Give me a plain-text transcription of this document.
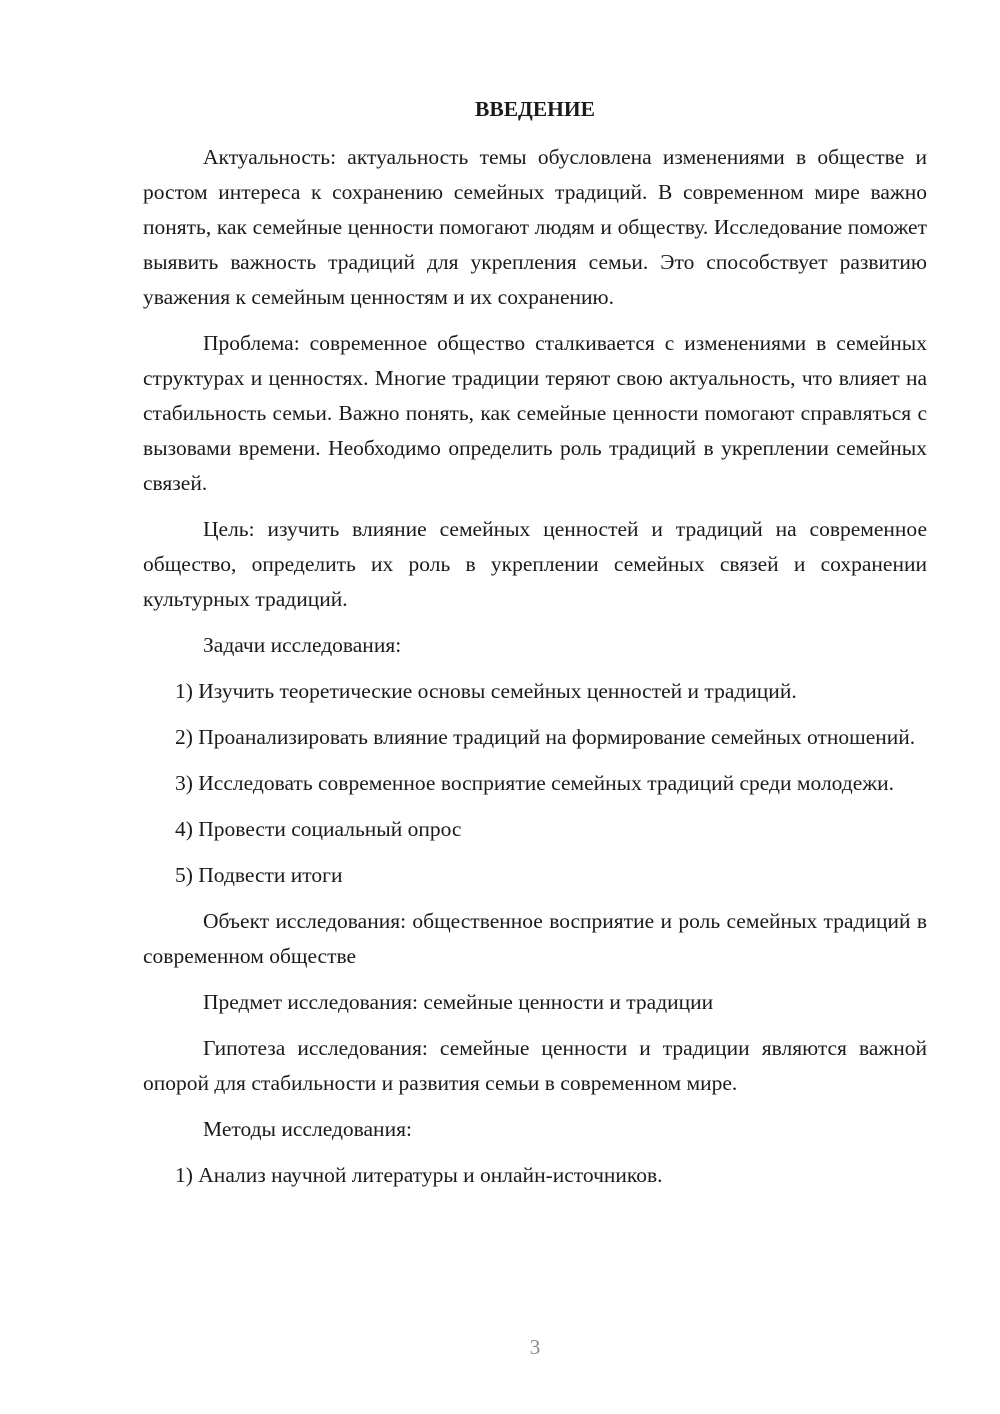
ВВЕДЕНИЕ

Актуальность: актуальность темы обусловлена изменениями в обществе и ростом интереса к сохранению семейных традиций. В современном мире важно понять, как семейные ценности помогают людям и обществу. Исследование поможет выявить важность традиций для укрепления семьи. Это способствует развитию уважения к семейным ценностям и их сохранению.

Проблема: современное общество сталкивается с изменениями в семейных структурах и ценностях. Многие традиции теряют свою актуальность, что влияет на стабильность семьи. Важно понять, как семейные ценности помогают справляться с вызовами времени. Необходимо определить роль традиций в укреплении семейных связей.

Цель: изучить влияние семейных ценностей и традиций на современное общество, определить их роль в укреплении семейных связей и сохранении культурных традиций.

Задачи исследования:

1) Изучить теоретические основы семейных ценностей и традиций.

2) Проанализировать влияние традиций на формирование семейных отношений.

3) Исследовать современное восприятие семейных традиций среди молодежи.

4) Провести социальный опрос

5) Подвести итоги

Объект исследования: общественное восприятие и роль семейных традиций в современном обществе

Предмет исследования: семейные ценности и традиции

Гипотеза исследования: семейные ценности и традиции являются важной опорой для стабильности и развития семьи в современном мире.

Методы исследования:

1) Анализ научной литературы и онлайн-источников.

3
